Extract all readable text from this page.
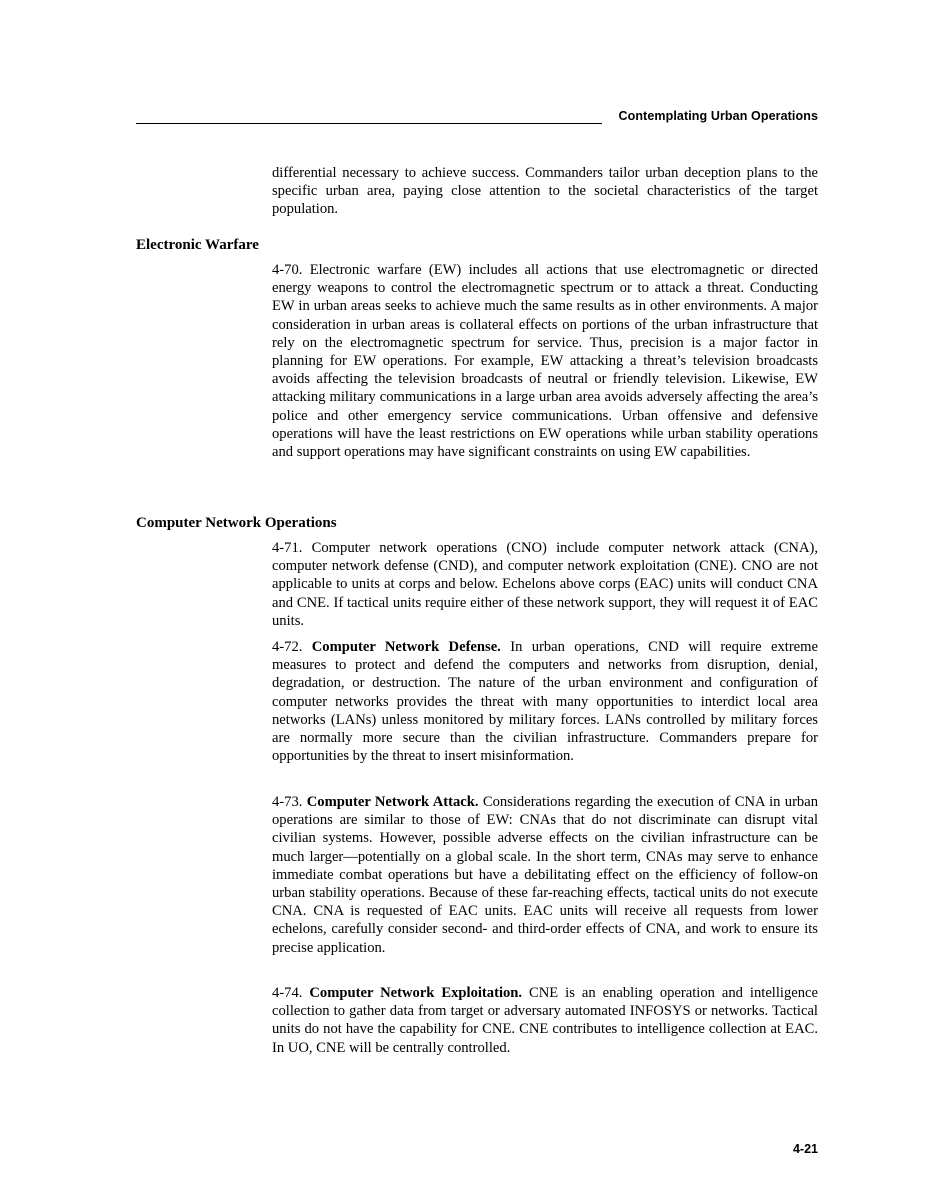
Contemplating Urban Operations

differential necessary to achieve success. Commanders tailor urban deception plans to the specific urban area, paying close attention to the societal characteristics of the target population.

Electronic Warfare

4-70. Electronic warfare (EW) includes all actions that use electromagnetic or directed energy weapons to control the electromagnetic spectrum or to attack a threat. Conducting EW in urban areas seeks to achieve much the same results as in other environments. A major consideration in urban areas is collateral effects on portions of the urban infrastructure that rely on the electromagnetic spectrum for service. Thus, precision is a major factor in planning for EW operations. For example, EW attacking a threat’s television broadcasts avoids affecting the television broadcasts of neutral or friendly television. Likewise, EW attacking military communications in a large urban area avoids adversely affecting the area’s police and other emergency service communications. Urban offensive and defensive operations will have the least restrictions on EW operations while urban stability operations and support operations may have significant constraints on using EW capabilities.

Computer Network Operations

4-71. Computer network operations (CNO) include computer network attack (CNA), computer network defense (CND), and computer network exploitation (CNE). CNO are not applicable to units at corps and below. Echelons above corps (EAC) units will conduct CNA and CNE. If tactical units require either of these network support, they will request it of EAC units.

4-72. Computer Network Defense. In urban operations, CND will require extreme measures to protect and defend the computers and networks from disruption, denial, degradation, or destruction. The nature of the urban environment and configuration of computer networks provides the threat with many opportunities to interdict local area networks (LANs) unless monitored by military forces. LANs controlled by military forces are normally more secure than the civilian infrastructure. Commanders prepare for opportunities by the threat to insert misinformation.

4-73. Computer Network Attack. Considerations regarding the execution of CNA in urban operations are similar to those of EW: CNAs that do not discriminate can disrupt vital civilian systems. However, possible adverse effects on the civilian infrastructure can be much larger—potentially on a global scale. In the short term, CNAs may serve to enhance immediate combat operations but have a debilitating effect on the efficiency of follow-on urban stability operations. Because of these far-reaching effects, tactical units do not execute CNA. CNA is requested of EAC units. EAC units will receive all requests from lower echelons, carefully consider second- and third-order effects of CNA, and work to ensure its precise application.

4-74. Computer Network Exploitation. CNE is an enabling operation and intelligence collection to gather data from target or adversary automated INFOSYS or networks. Tactical units do not have the capability for CNE. CNE contributes to intelligence collection at EAC. In UO, CNE will be centrally controlled.

4-21
